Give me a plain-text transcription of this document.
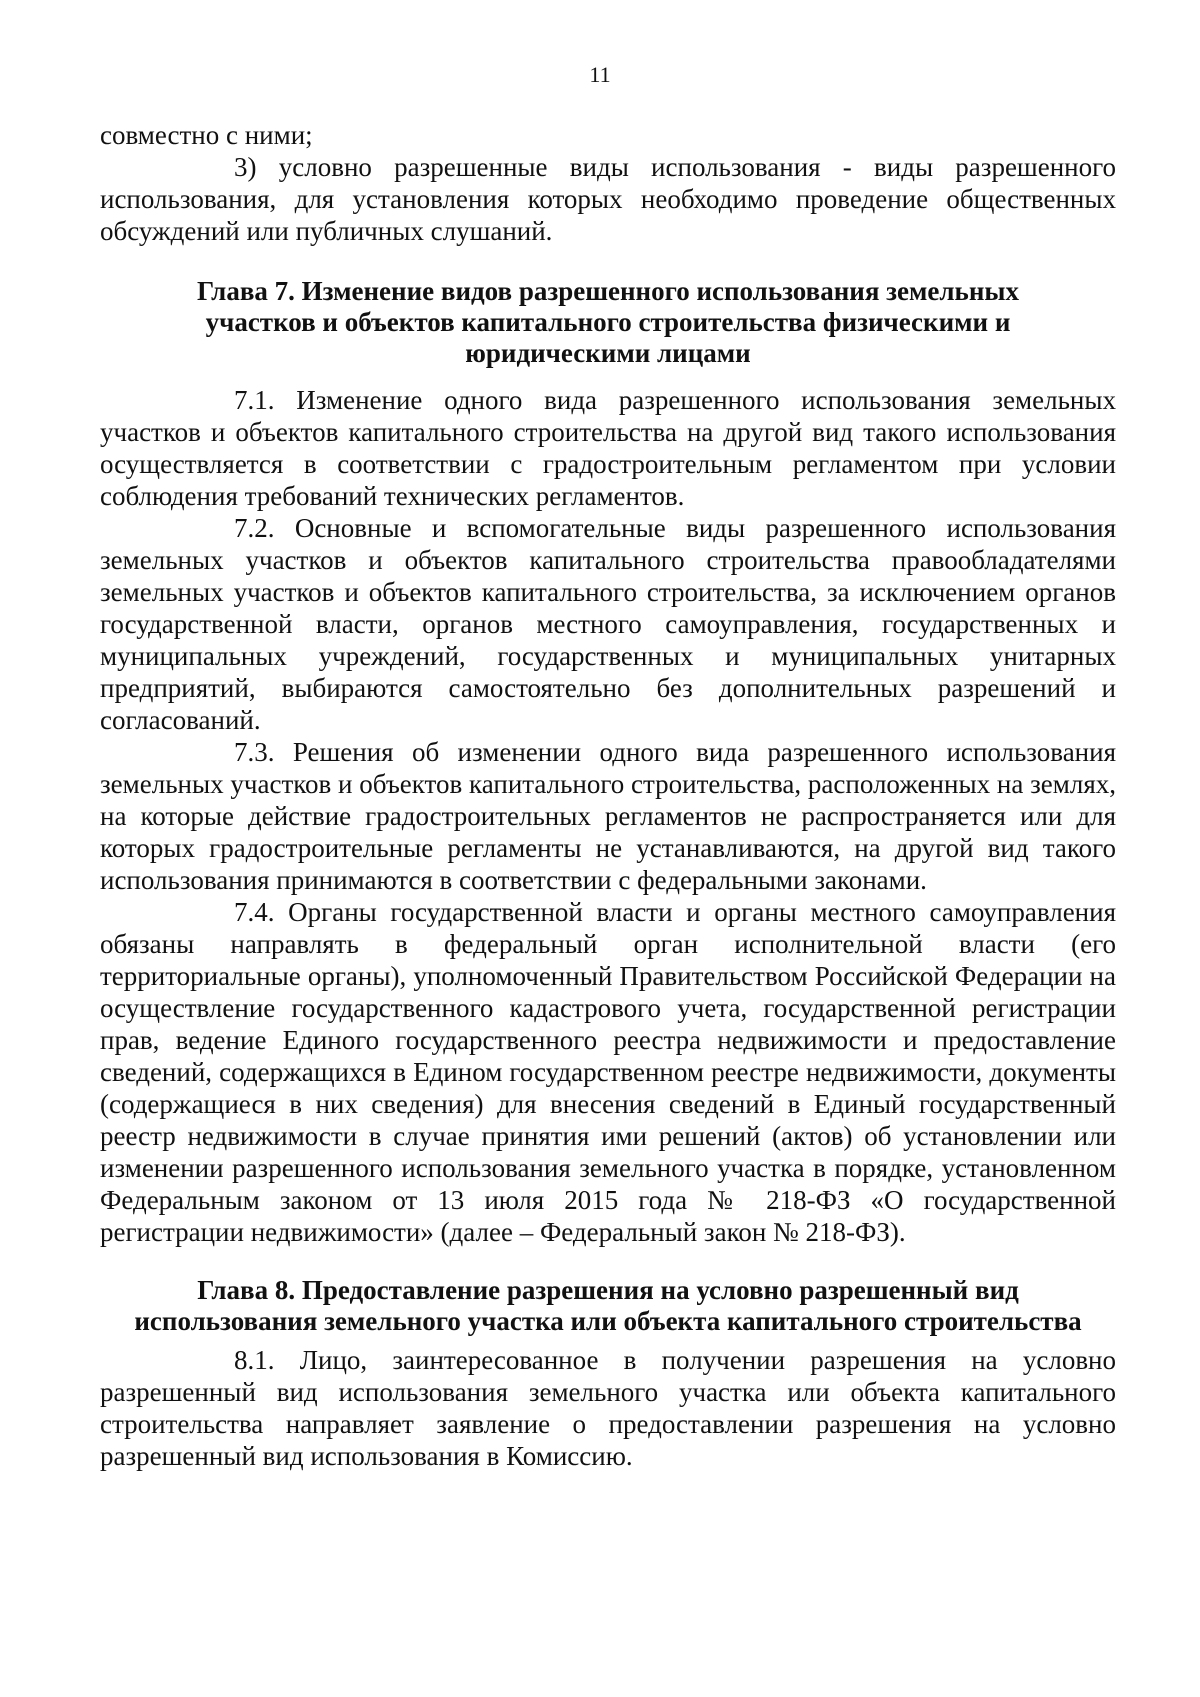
11

совместно с ними;

3) условно разрешенные виды использования - виды разрешенного использования, для установления которых необходимо проведение общественных обсуждений или публичных слушаний.

Глава 7. Изменение видов разрешенного использования земельных
участков и объектов капитального строительства физическими и
юридическими лицами

7.1. Изменение одного вида разрешенного использования земельных участков и объектов капитального строительства на другой вид такого использования осуществляется в соответствии с градостроительным регламентом при условии соблюдения требований технических регламентов.

7.2. Основные и вспомогательные виды разрешенного использования земельных участков и объектов капитального строительства правообладателями земельных участков и объектов капитального строительства, за исключением органов государственной власти, органов местного самоуправления, государственных и муниципальных учреждений, государственных и муниципальных унитарных предприятий, выбираются самостоятельно без дополнительных разрешений и согласований.

7.3. Решения об изменении одного вида разрешенного использования земельных участков и объектов капитального строительства, расположенных на землях, на которые действие градостроительных регламентов не распространяется или для которых градостроительные регламенты не устанавливаются, на другой вид такого использования принимаются в соответствии с федеральными законами.

7.4. Органы государственной власти и органы местного самоуправления обязаны направлять в федеральный орган исполнительной власти (его территориальные органы), уполномоченный Правительством Российской Федерации на осуществление государственного кадастрового учета, государственной регистрации прав, ведение Единого государственного реестра недвижимости и предоставление сведений, содержащихся в Едином государственном реестре недвижимости, документы (содержащиеся в них сведения) для внесения сведений в Единый государственный реестр недвижимости в случае принятия ими решений (актов) об установлении или изменении разрешенного использования земельного участка в порядке, установленном Федеральным законом от 13 июля 2015 года № 218-ФЗ «О государственной регистрации недвижимости» (далее – Федеральный закон № 218-ФЗ).

Глава 8. Предоставление разрешения на условно разрешенный вид
использования земельного участка или объекта капитального строительства

8.1. Лицо, заинтересованное в получении разрешения на условно разрешенный вид использования земельного участка или объекта капитального строительства направляет заявление о предоставлении разрешения на условно разрешенный вид использования в Комиссию.
